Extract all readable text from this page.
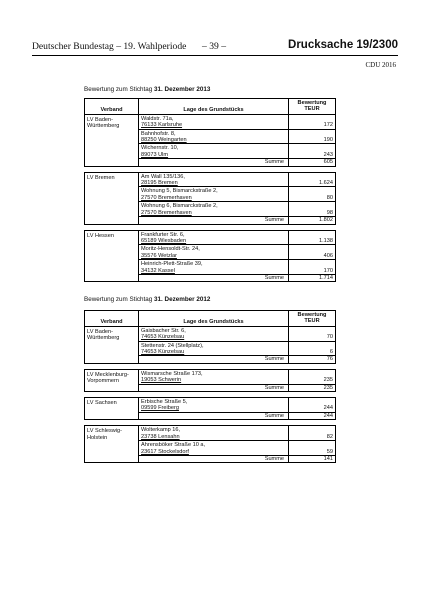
Deutscher Bundestag – 19. Wahlperiode – 39 –	Drucksache 19/2300
CDU 2016
Bewertung zum Stichtag 31. Dezember 2013
Verband	Lage des Grundstücks	Bewertung
TEUR

LV Baden-
Württemberg	Waldstr. 71a,
76133 Karlsruhe	172

	Bahnhofstr. 8,
88250 Weingarten	190

	Wichernstr. 10,
89073 Ulm	243
	Summe	605

LV Bremen	Am Wall 135/136,
28195 Bremen	1.624

	Wohnung 5, Bismarckstraße 2,
27570 Bremerhaven	80

	Wohnung 6, Bismarckstraße 2,
27570 Bremerhaven	98
	Summe	1.802

LV Hessen	Frankfurter Str. 6,
65189 Wiesbaden	1.138

	Moritz-Hensoldt-Str. 24,
35576 Wetzlar	406

	Heinrich-Plett-Straße 39,
34132 Kassel	170
	Summe	1.714
Bewertung zum Stichtag 31. Dezember 2012
Verband	Lage des Grundstücks	Bewertung
TEUR

LV Baden-
Württemberg	Gaisbacher Str. 6,
74653 Künzelsau	70

	Stettenstr. 24 (Stellplatz),
74653 Künzelsau	6
	Summe	76

LV Mecklenburg-
Vorpommern	Wismarsche Straße 173,
19053 Schwerin	235
	Summe	235

LV Sachsen	Erbische Straße 5,
09599 Freiberg	244
	Summe	244

LV Schleswig-
Holstein	Wolterkamp 16,
23738 Lensahn	82

	Ahrensböker Straße 10 a,
23617 Stockelsdorf	59
	Summe	141
